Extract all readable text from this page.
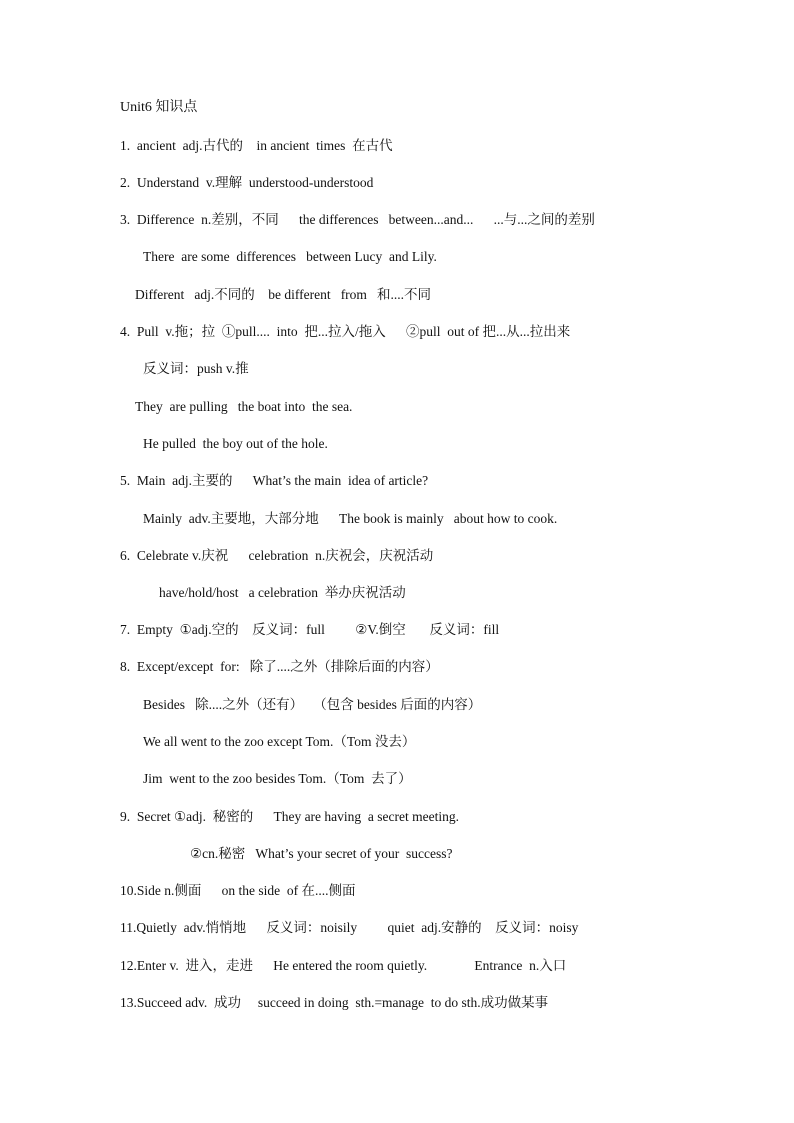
Unit6 知识点
1.  ancient  adj.古代的    in ancient  times  在古代
2.  Understand  v.理解  understood-understood
3.  Difference  n.差别，不同      the differences   between...and...      ...与...之间的差别
There  are some  differences   between Lucy  and Lily.
Different   adj.不同的    be different   from   和....不同
4.  Pull  v.拖；拉  ①pull....  into  把...拉入/拖入      ②pull  out of 把...从...拉出来
反义词：push v.推
They  are pulling   the boat into  the sea.
He pulled  the boy out of the hole.
5.  Main  adj.主要的      What’s the main  idea of article?
Mainly  adv.主要地，大部分地      The book is mainly   about how to cook.
6.  Celebrate v.庆祝      celebration  n.庆祝会，庆祝活动
have/hold/host   a celebration  举办庆祝活动
7.  Empty  ①adj.空的    反义词：full         ②V.倒空       反义词：fill
8.  Except/except  for:   除了....之外（排除后面的内容）
Besides   除....之外（还有）   （包含 besides 后面的内容）
We all went to the zoo except Tom.（Tom 没去）
Jim  went to the zoo besides Tom.（Tom  去了）
9.  Secret ①adj.  秘密的      They are having  a secret meeting.
②cn.秘密   What’s your secret of your  success?
10.Side n.侧面      on the side  of 在....侧面
11.Quietly  adv.悄悄地      反义词：noisily         quiet  adj.安静的    反义词：noisy
12.Enter v.  进入，走进      He entered the room quietly.              Entrance  n.入口
13.Succeed adv.  成功     succeed in doing  sth.=manage  to do sth.成功做某事
